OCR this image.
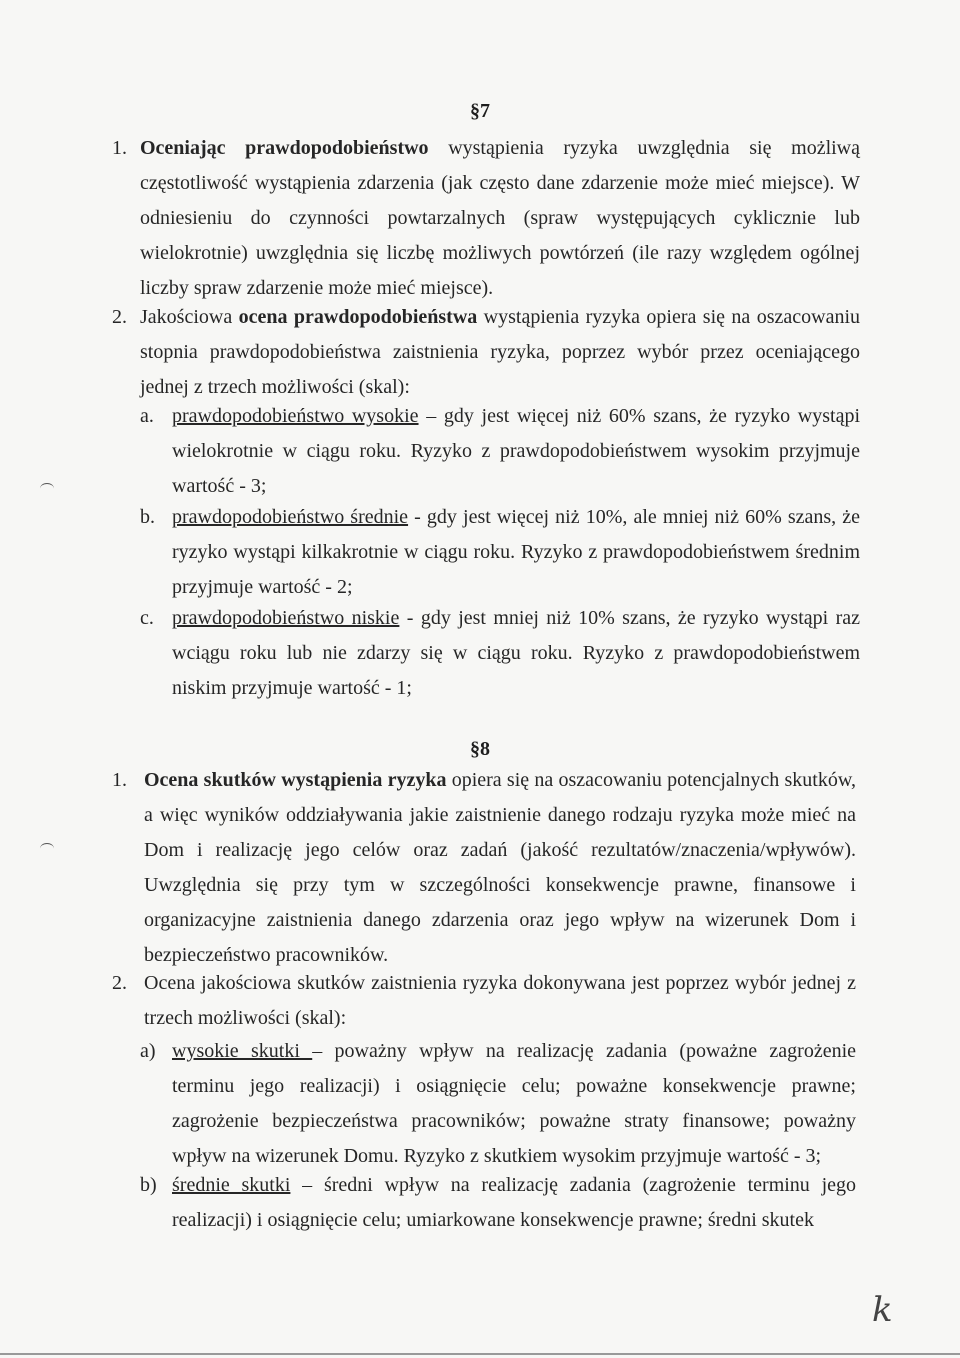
§7
1. Oceniając prawdopodobieństwo wystąpienia ryzyka uwzględnia się możliwą częstotliwość wystąpienia zdarzenia (jak często dane zdarzenie może mieć miejsce). W odniesieniu do czynności powtarzalnych (spraw występujących cyklicznie lub wielokrotnie) uwzględnia się liczbę możliwych powtórzeń (ile razy względem ogólnej liczby spraw zdarzenie może mieć miejsce).
2. Jakościowa ocena prawdopodobieństwa wystąpienia ryzyka opiera się na oszacowaniu stopnia prawdopodobieństwa zaistnienia ryzyka, poprzez wybór przez oceniającego jednej z trzech możliwości (skal):
a. prawdopodobieństwo wysokie – gdy jest więcej niż 60% szans, że ryzyko wystąpi wielokrotnie w ciągu roku. Ryzyko z prawdopodobieństwem wysokim przyjmuje wartość - 3;
b. prawdopodobieństwo średnie - gdy jest więcej niż 10%, ale mniej niż 60% szans, że ryzyko wystąpi kilkakrotnie w ciągu roku. Ryzyko z prawdopodobieństwem średnim przyjmuje wartość - 2;
c. prawdopodobieństwo niskie - gdy jest mniej niż 10% szans, że ryzyko wystąpi raz wciągu roku lub nie zdarzy się w ciągu roku. Ryzyko z prawdopodobieństwem niskim przyjmuje wartość - 1;
§8
1. Ocena skutków wystąpienia ryzyka opiera się na oszacowaniu potencjalnych skutków, a więc wyników oddziaływania jakie zaistnienie danego rodzaju ryzyka może mieć na Dom i realizację jego celów oraz zadań (jakość rezultatów/znaczenia/wpływów). Uwzględnia się przy tym w szczególności konsekwencje prawne, finansowe i organizacyjne zaistnienia danego zdarzenia oraz jego wpływ na wizerunek Dom i bezpieczeństwo pracowników.
2. Ocena jakościowa skutków zaistnienia ryzyka dokonywana jest poprzez wybór jednej z trzech możliwości (skal):
a) wysokie skutki – poważny wpływ na realizację zadania (poważne zagrożenie terminu jego realizacji) i osiągnięcie celu; poważne konsekwencje prawne; zagrożenie bezpieczeństwa pracowników; poważne straty finansowe; poważny wpływ na wizerunek Domu. Ryzyko z skutkiem wysokim przyjmuje wartość - 3;
b) średnie skutki – średni wpływ na realizację zadania (zagrożenie terminu jego realizacji) i osiągnięcie celu; umiarkowane konsekwencje prawne; średni skutek
k
